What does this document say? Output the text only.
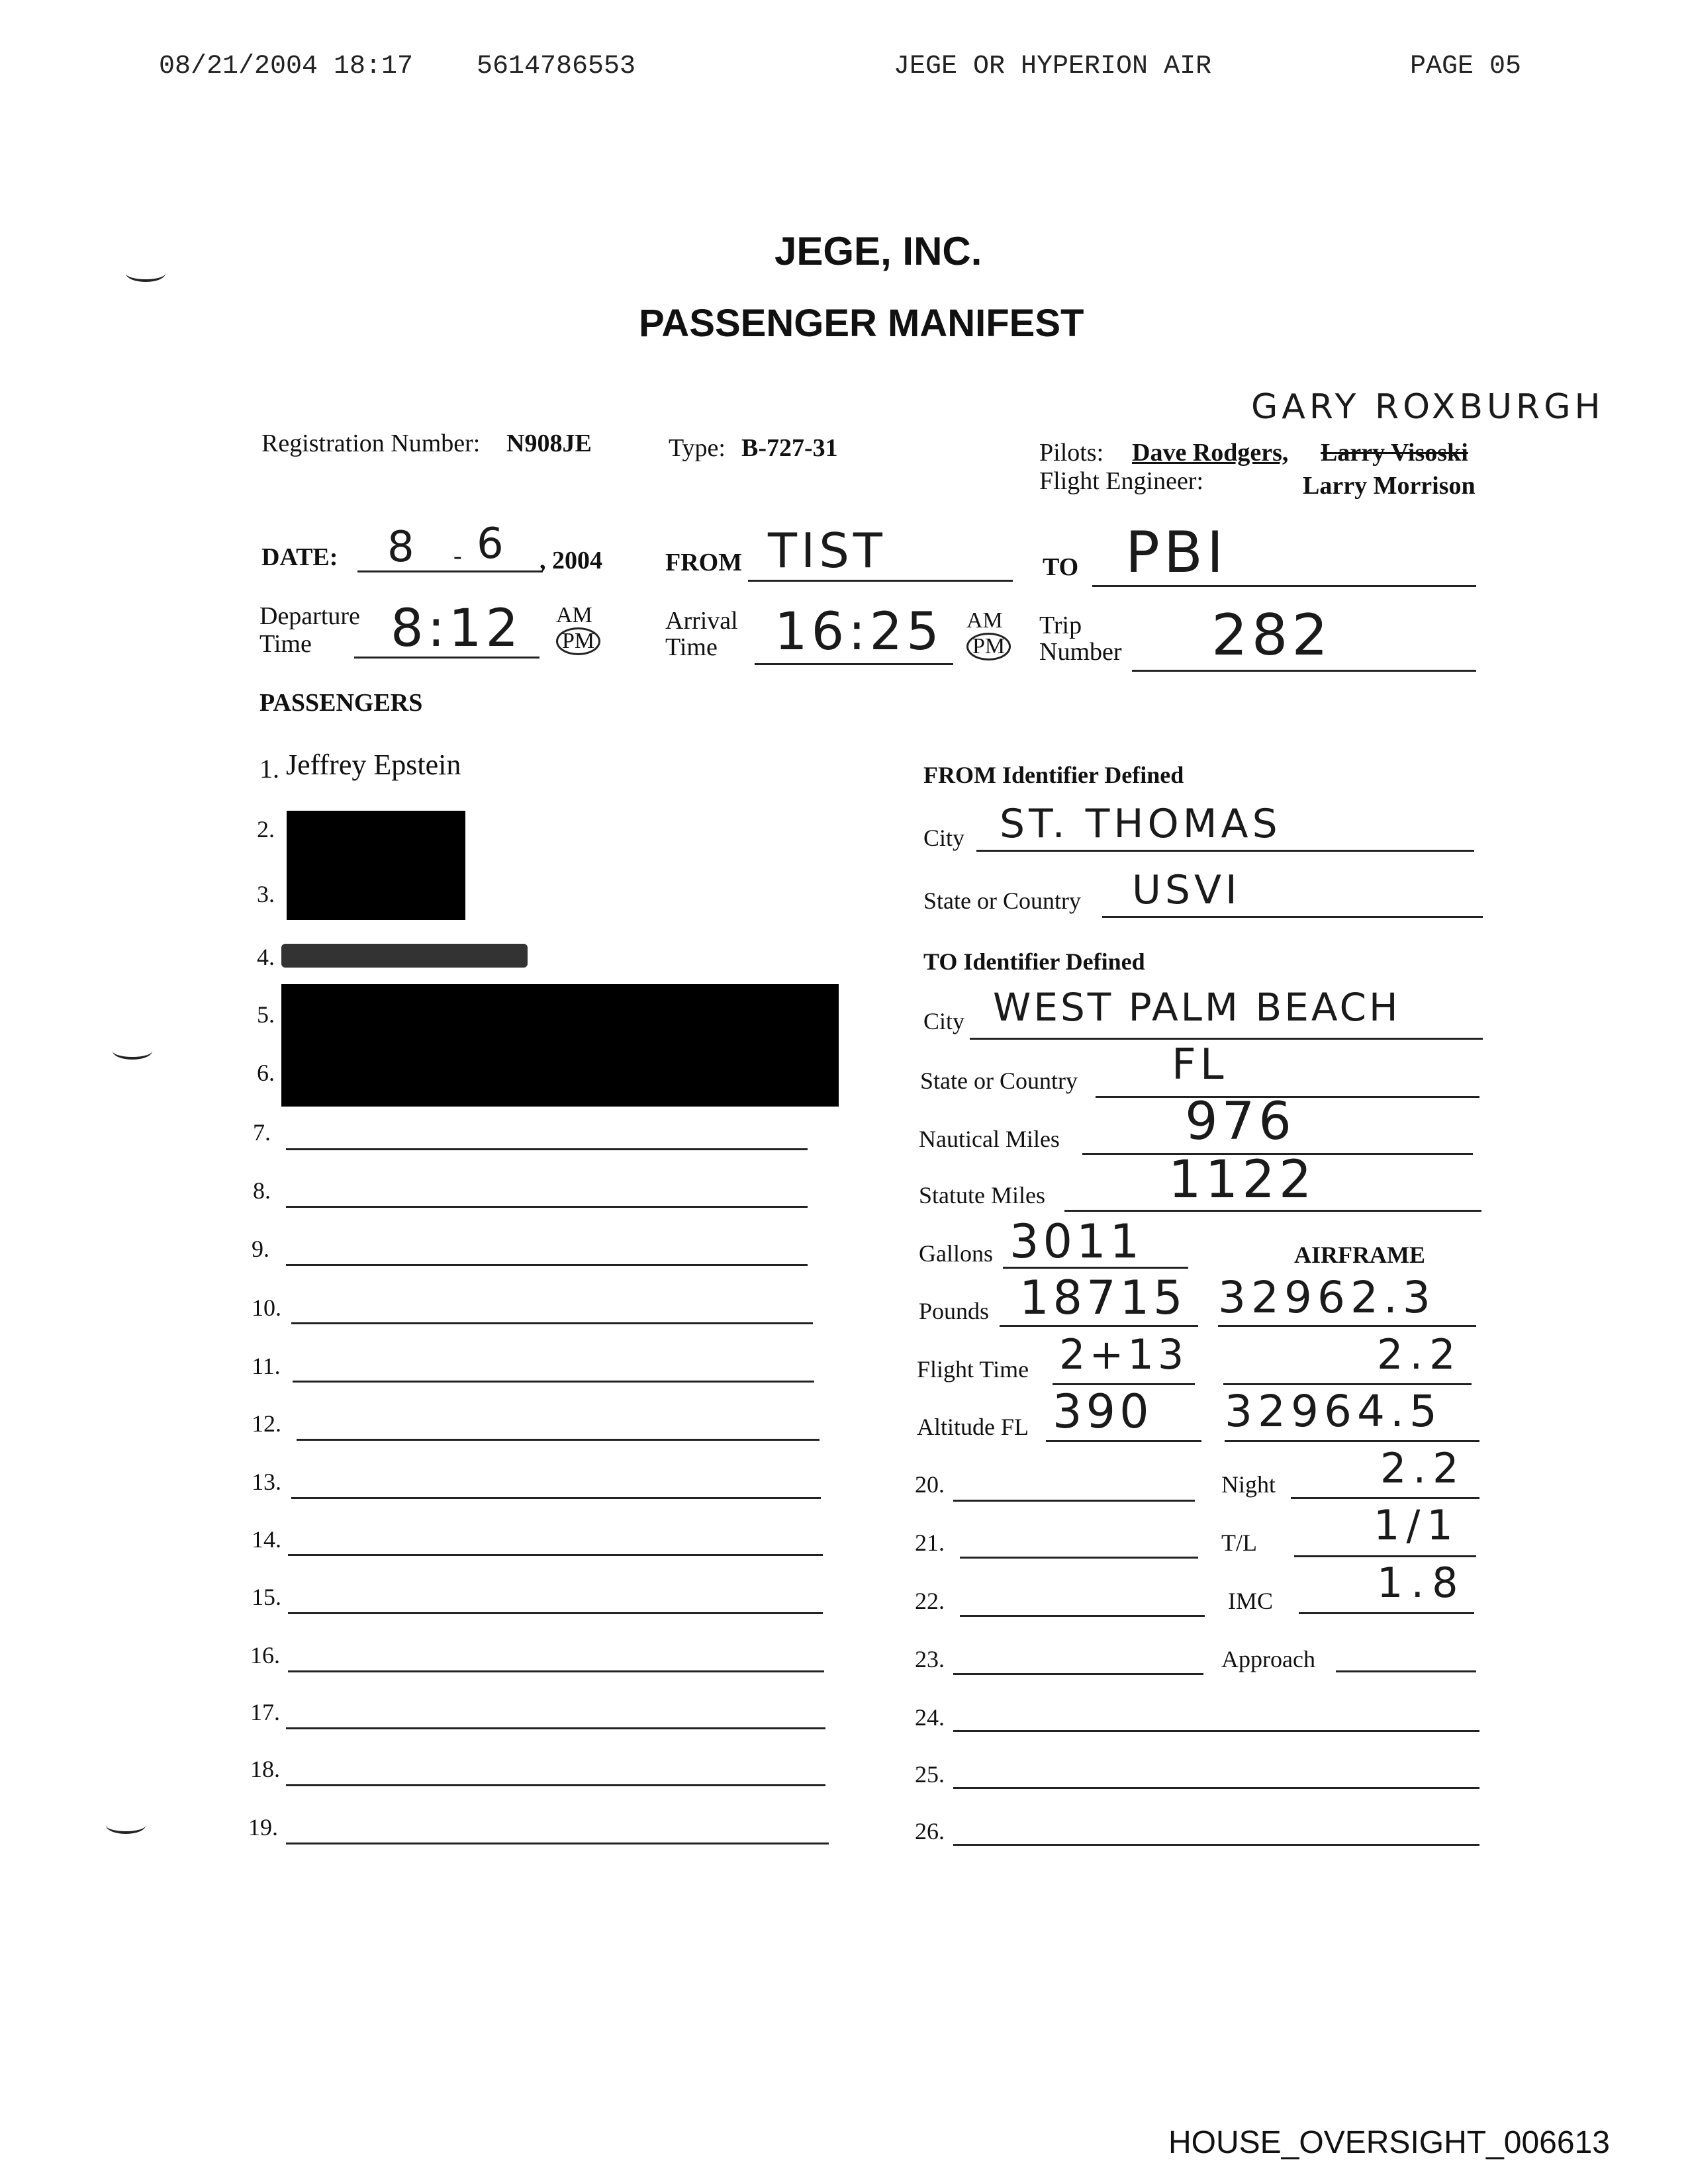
08/21/2004 18:17 5614786553	JEGE OR HYPERION AIR	PAGE 05
JEGE, INC.
PASSENGER MANIFEST
GARY ROXBURGH
Registration Number: N908JE	Type: B-727-31	Pilots: Dave Rodgers, Larry Visoski
Flight Engineer:	Larry Morrison
DATE: 8 - 6 , 2004	FROM TIST	TO PBI
Departure
Time	8:12 AM
PM
Arrival
Time	16:25 AM
PM
Trip
Number 282
PASSENGERS
1. Jeffrey Epstein
2.
3.
4.
5.
6.
7.
8.
9.
10.
11.
12.
13.
14.
15.
16.
17.
18.
19.
FROM Identifier Defined
City ST. THOMAS
State or Country USVI
TO Identifier Defined
City WEST PALM BEACH
State or Country FL
Nautical Miles 976
Statute Miles 1122
Gallons 3011	AIRFRAME
Pounds 18715 32962.3
Flight Time 2+13	2.2
Altitude FL 390 32964.5
20.	Night	2.2
21.	T/L	1/1
22.	IMC	1.8
23.	Approach
24.
25.
26.
HOUSE_OVERSIGHT_006613
